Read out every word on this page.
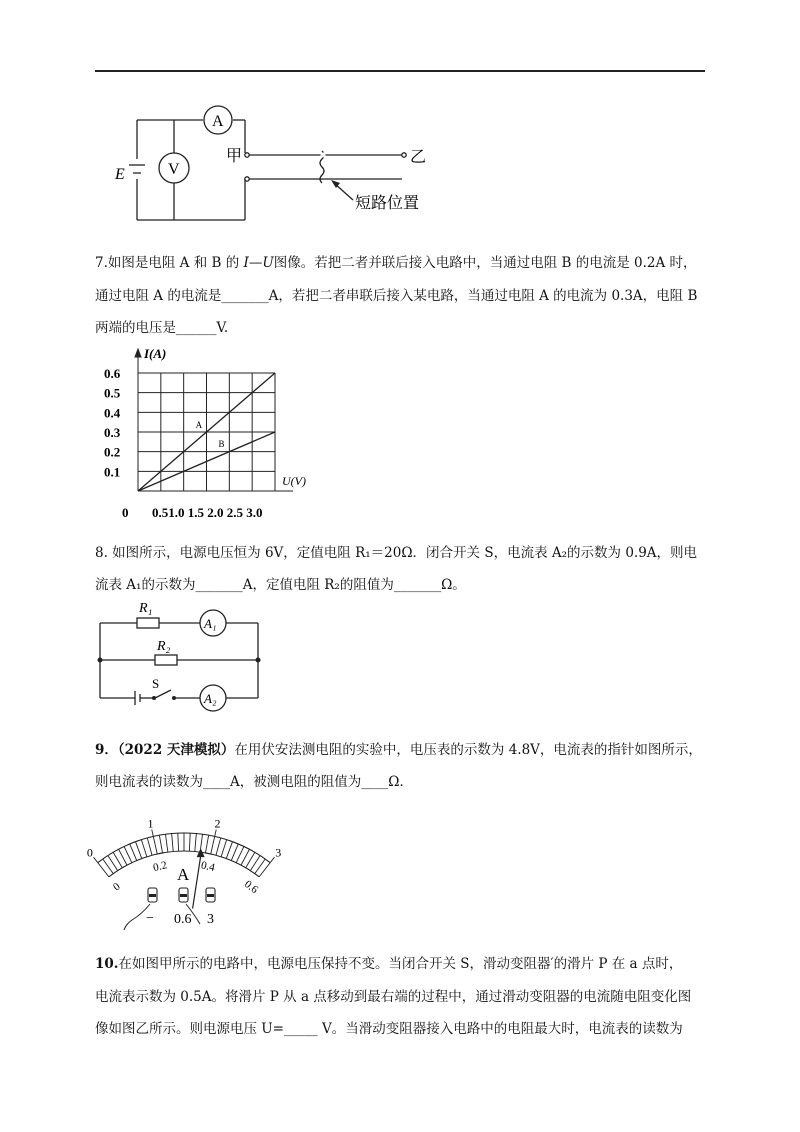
E
A
V
甲	乙
短路位置
7.如图是电阻 A 和 B 的 I—U图像。若把二者并联后接入电路中，当通过电阻 B 的电流是 0.2A 时，
通过电阻 A 的电流是_______A，若把二者串联后接入某电路，当通过电阻 A 的电流为 0.3A，电阻 B
两端的电压是______V.
0.6
0.5
0.4
0.3
0.2
0.1
I(A)
U(V)
0 0.51.0 1.5 2.0 2.5 3.0
A
B
8. 如图所示，电源电压恒为 6V，定值电阻 R₁＝20Ω．闭合开关 S，电流表 A₂的示数为 0.9A，则电
流表 A₁的示数为_______A，定值电阻 R₂的阻值为_______Ω。
R₁
R₂
A₁
A₂
S
9．（2022 天津模拟）在用伏安法测电阻的实验中，电压表的示数为 4.8V，电流表的指针如图所示，
则电流表的读数为____A，被测电阻的阻值为____Ω．
0
1	2
3
0
0.2	0.4
0.6
A
− 0.6 3
10.在如图甲所示的电路中，电源电压保持不变。当闭合开关 S，滑动变阻器′的滑片 P 在 a 点时，
电流表示数为 0.5A。将滑片 P 从 a 点移动到最右端的过程中，通过滑动变阻器的电流随电阻变化图
像如图乙所示。则电源电压 U=_____ V。当滑动变阻器接入电路中的电阻最大时，电流表的读数为
